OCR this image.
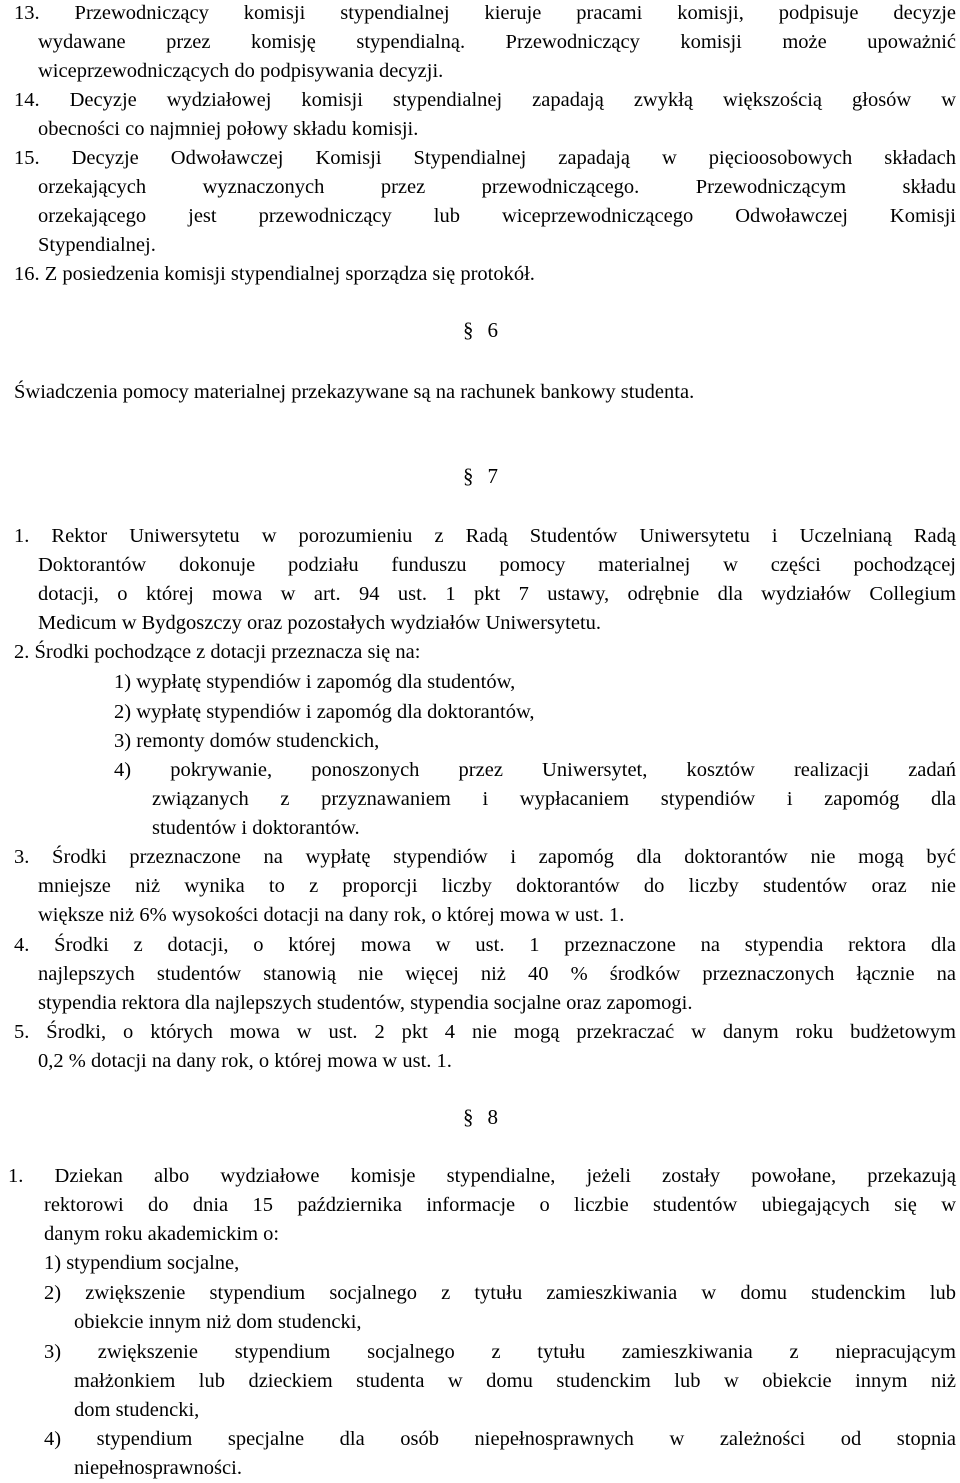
13. Przewodniczący komisji stypendialnej kieruje pracami komisji, podpisuje decyzje
wydawane przez komisję stypendialną. Przewodniczący komisji może upoważnić
wiceprzewodniczących do podpisywania decyzji.
14. Decyzje wydziałowej komisji stypendialnej zapadają zwykłą większością głosów w
obecności co najmniej połowy składu komisji.
15. Decyzje Odwoławczej Komisji Stypendialnej zapadają w pięcioosobowych składach
orzekających wyznaczonych przez przewodniczącego. Przewodniczącym składu
orzekającego jest przewodniczący lub wiceprzewodniczącego Odwoławczej Komisji
Stypendialnej.
16. Z posiedzenia komisji stypendialnej sporządza się protokół.
§ 6
Świadczenia pomocy materialnej przekazywane są na rachunek bankowy studenta.
§ 7
1. Rektor Uniwersytetu w porozumieniu z Radą Studentów Uniwersytetu i Uczelnianą Radą
Doktorantów dokonuje podziału funduszu pomocy materialnej w części pochodzącej
dotacji, o której mowa w art. 94 ust. 1 pkt 7 ustawy, odrębnie dla wydziałów Collegium
Medicum w Bydgoszczy oraz pozostałych wydziałów Uniwersytetu.
2. Środki pochodzące z dotacji przeznacza się na:
1) wypłatę stypendiów i zapomóg dla studentów,
2) wypłatę stypendiów i zapomóg dla doktorantów,
3) remonty domów studenckich,
4) pokrywanie, ponoszonych przez Uniwersytet, kosztów realizacji zadań
związanych z przyznawaniem i wypłacaniem stypendiów i zapomóg dla
studentów i doktorantów.
3. Środki przeznaczone na wypłatę stypendiów i zapomóg dla doktorantów nie mogą być
mniejsze niż wynika to z proporcji liczby doktorantów do liczby studentów oraz nie
większe niż 6% wysokości dotacji na dany rok, o której mowa w ust. 1.
4. Środki z dotacji, o której mowa w ust. 1 przeznaczone na stypendia rektora dla
najlepszych studentów stanowią nie więcej niż 40 % środków przeznaczonych łącznie na
stypendia rektora dla najlepszych studentów, stypendia socjalne oraz zapomogi.
5. Środki, o których mowa w ust. 2 pkt 4 nie mogą przekraczać w danym roku budżetowym
0,2 % dotacji na dany rok, o której mowa w ust. 1.
§ 8
1. Dziekan albo wydziałowe komisje stypendialne, jeżeli zostały powołane, przekazują
rektorowi do dnia 15 października informacje o liczbie studentów ubiegających się w
danym roku akademickim o:
1) stypendium socjalne,
2) zwiększenie stypendium socjalnego z tytułu zamieszkiwania w domu studenckim lub
obiekcie innym niż dom studencki,
3) zwiększenie stypendium socjalnego z tytułu zamieszkiwania z niepracującym
małżonkiem lub dzieckiem studenta w domu studenckim lub w obiekcie innym niż
dom studencki,
4) stypendium specjalne dla osób niepełnosprawnych w zależności od stopnia
niepełnosprawności.
